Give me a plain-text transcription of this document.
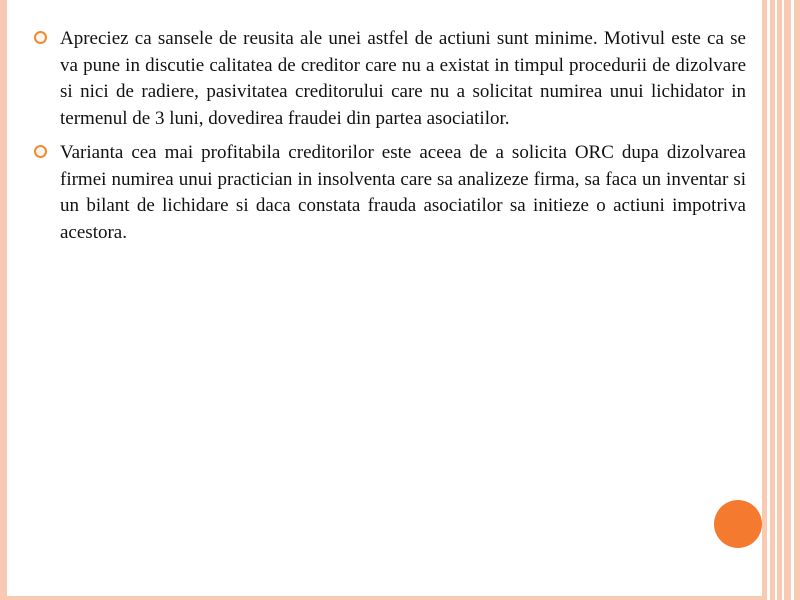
Apreciez ca sansele de reusita ale unei astfel de actiuni sunt minime. Motivul este ca se va pune in discutie calitatea de creditor care nu a existat in timpul procedurii de dizolvare si nici de radiere, pasivitatea creditorului care nu a solicitat numirea unui lichidator in termenul de 3 luni, dovedirea fraudei din partea asociatilor.
Varianta cea mai profitabila creditorilor este aceea de a solicita ORC dupa dizolvarea firmei numirea unui practician in insolventa care sa analizeze firma, sa faca un inventar si un bilant de lichidare si daca constata frauda asociatilor sa initieze o actiuni impotriva acestora.
